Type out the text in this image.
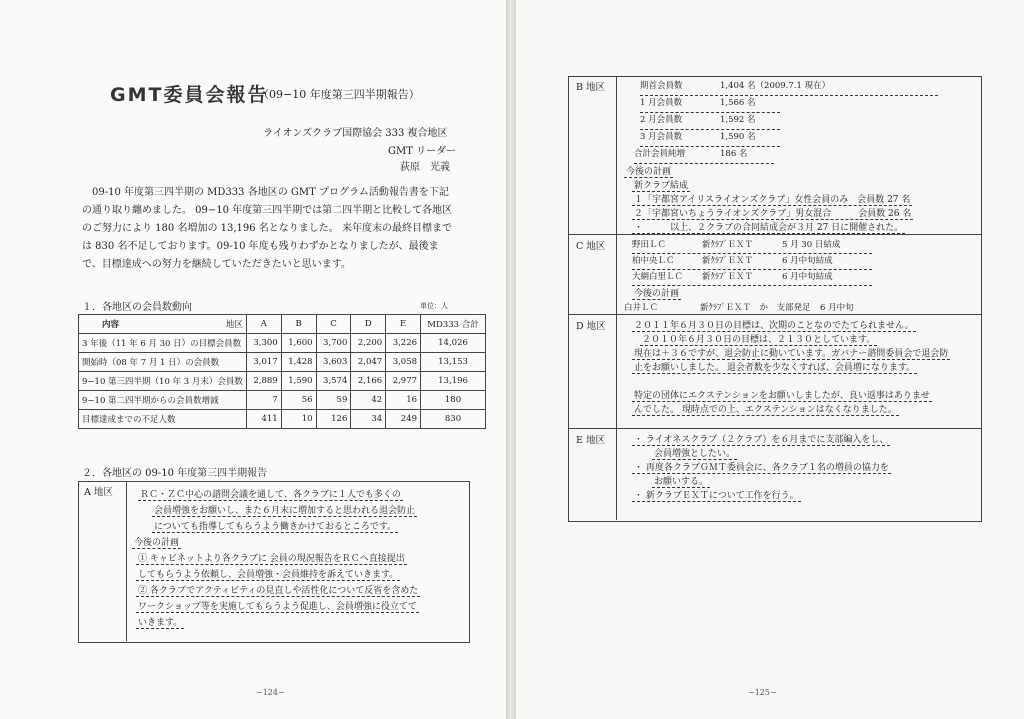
GMT委員会報告
（09−10 年度第三四半期報告）
ライオンズクラブ国際協会 333 複合地区
GMT リーダー
荻原　光義
09-10 年度第三四半期の MD333 各地区の GMT プログラム活動報告書を下記の通り取り纏めました。 09−10 年度第三四半期では第二四半期と比較して各地区のご努力により 180 名増加の 13,196 名となりました。 来年度末の最終目標までは 830 名不足しております。09-10 年度も残りわずかとなりましたが、最後まで、目標達成への努力を継続していただきたいと思います。
１．各地区の会員数動向	単位：人
内容 地区	A	B	C	D	E	MD333 合計
3 年後（11 年 6 月 30 日）の目標会員数	3,300	1,600	3,700	2,200	3,226	14,026
開始時（08 年 7 月 1 日）の会員数	3,017	1,428	3,603	2,047	3,058	13,153
9−10 第三四半期（10 年 3 月末）会員数	2,889	1,590	3,574	2,166	2,977	13,196
9−10 第二四半期からの会員数増減	7	56	59	42	16	180
目標達成までの不足人数	411	10	126	34	249	830
２．各地区の 09-10 年度第三四半期報告
A 地区	ＲＣ・ＺＣ中心の諮問会議を通して、各クラブに１人でも多くの
会員増強をお願いし、また６月末に増加すると思われる退会防止
についても指導してもらうよう働きかけておるところです。
今後の計画
① キャビネットより各クラブに 会員の現況報告をＲＣへ直接提出
してもらうよう依頼し、会員増強・会員維持を訴えていきます。
② 各クラブでアクティビティの見直しや活性化について反省を含めた
ワークショップ等を実施してもらうよう促進し、会員増強に役立てて
いきます。
−124−
B 地区	期首会員数	1,404 名（2009.7.1 現在）
1 月会員数	1,566 名
2 月会員数	1,592 名
3 月会員数	1,590 名
合計会員純増	186 名
今後の計画
新クラブ結成
１「宇都宮アイリスライオンズクラブ」女性会員のみ　会員数 27 名
２「宇都宮いちょうライオンズクラブ」男女混合　　　会員数 26 名
・　　　以上、２クラブの合同結成会が３月 27 日に開催された。
C 地区	野田ＬＣ	新ｸﾗﾌﾞＥＸＴ	5 月 30 日結成
柏中央ＬＣ	新ｸﾗﾌﾞＥＸＴ	6 月中旬結成
大網白里ＬＣ 新ｸﾗﾌﾞＥＸＴ	6 月中旬結成
今後の計画
白井ＬＣ	新ｸﾗﾌﾞＥＸＴ　か　支部発足 6 月中旬
D 地区	２０１１年６月３０日の目標は、次期のことなのでたてられません。
２０１０年６月３０日の目標は、２１３０としています。
現在は＋３６ですが、退会防止に動いています。ガバナー諮問委員会で退会防
止をお願いしました。 退会者数を少なくすれば、会員増になります。
特定の団体にエクステンションをお願いしましたが、良い返事はありませ
んでした。 現時点での上、エクステンションはなくなりました。
E 地区	・ ライオネスクラブ（２クラブ）を６月までに支部編入をし、
会員増強としたい。
・ 再度各クラブＧＭＴ委員会に、各クラブ１名の増員の協力を
お願いする。
・ 新クラブＥＸＴについて工作を行う。
−125−
